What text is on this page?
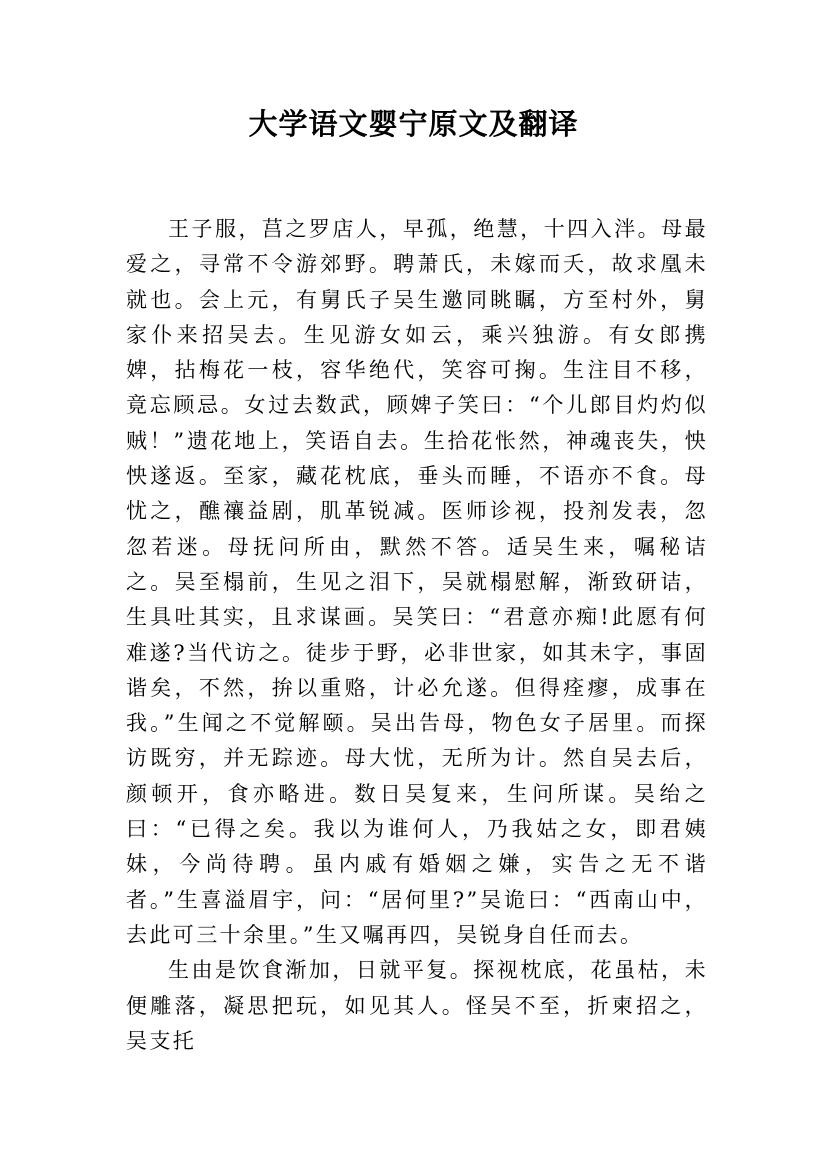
大学语文婴宁原文及翻译

王子服，莒之罗店人，早孤，绝慧，十四入泮。母最爱之，寻常不令游郊野。聘萧氏，未嫁而夭，故求凰未就也。会上元，有舅氏子吴生邀同眺瞩，方至村外，舅家仆来招吴去。生见游女如云，乘兴独游。有女郎携婢，拈梅花一枝，容华绝代，笑容可掬。生注目不移，竟忘顾忌。女过去数武，顾婢子笑曰：“个儿郎目灼灼似贼！”遗花地上，笑语自去。生拾花怅然，神魂丧失，怏怏遂返。至家，藏花枕底，垂头而睡，不语亦不食。母忧之，醮禳益剧，肌革锐减。医师诊视，投剂发表，忽忽若迷。母抚问所由，默然不答。适吴生来，嘱秘诘之。吴至榻前，生见之泪下，吴就榻慰解，渐致研诘，生具吐其实，且求谋画。吴笑曰：“君意亦痴!此愿有何难遂?当代访之。徒步于野，必非世家，如其未字，事固谐矣，不然，拚以重赂，计必允遂。但得痊瘳，成事在我。”生闻之不觉解颐。吴出告母，物色女子居里。而探访既穷，并无踪迹。母大忧，无所为计。然自吴去后，颜顿开，食亦略进。数日吴复来，生问所谋。吴绐之曰：“已得之矣。我以为谁何人，乃我姑之女，即君姨妹，今尚待聘。虽内戚有婚姻之嫌，实告之无不谐者。”生喜溢眉宇，问：“居何里?”吴诡曰：“西南山中，去此可三十余里。”生又嘱再四，吴锐身自任而去。

生由是饮食渐加，日就平复。探视枕底，花虽枯，未便雕落，凝思把玩，如见其人。怪吴不至，折柬招之，吴支托
